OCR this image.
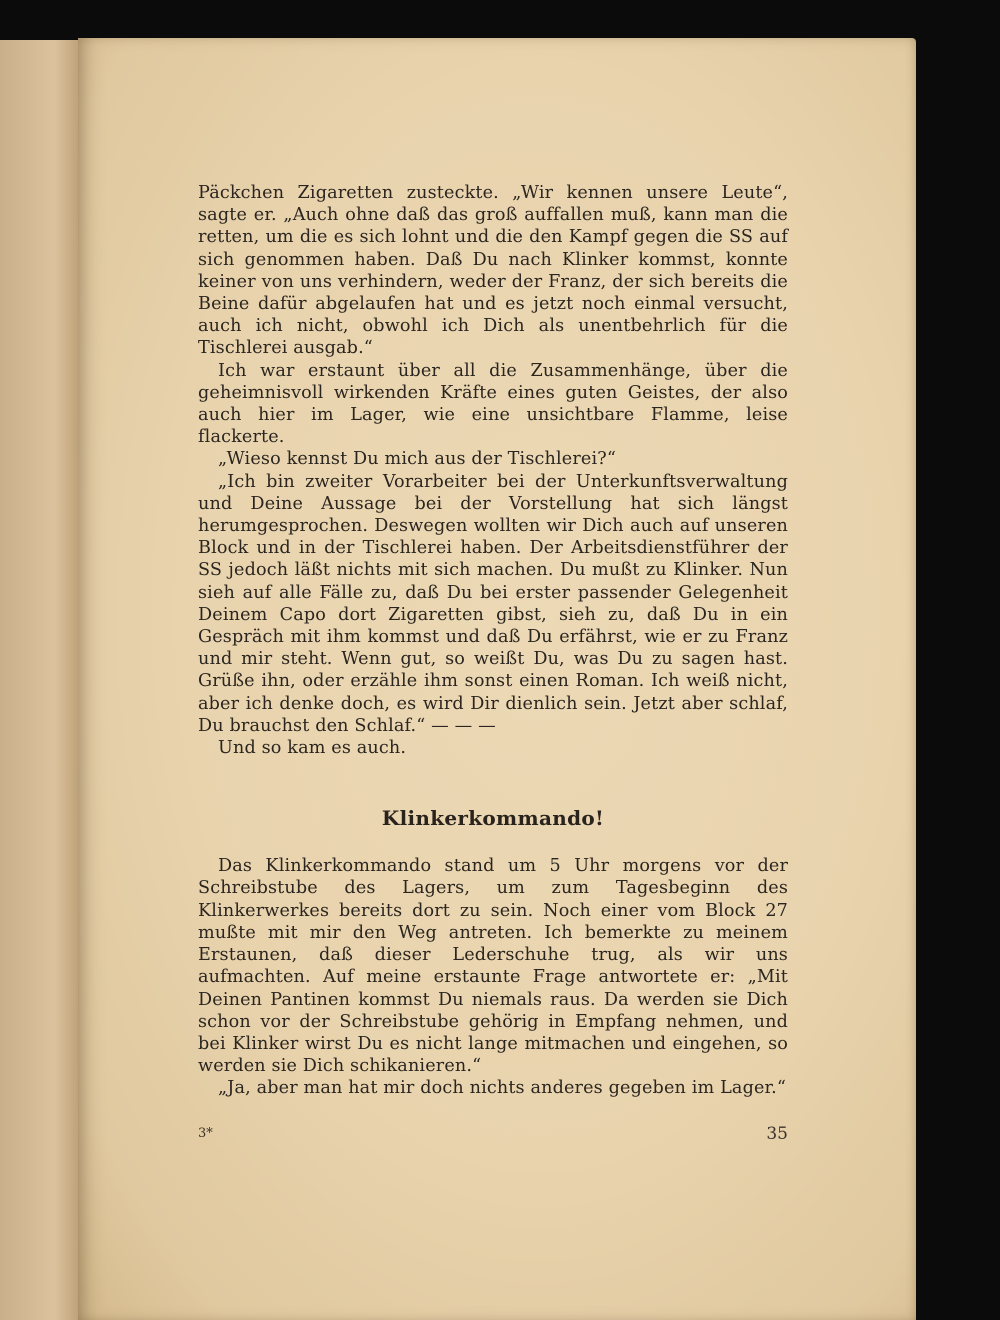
Päckchen Zigaretten zusteckte. „Wir kennen unsere Leute“, sagte er. „Auch ohne daß das groß auffallen muß, kann man die retten, um die es sich lohnt und die den Kampf gegen die SS auf sich genommen haben. Daß Du nach Klinker kommst, konnte keiner von uns verhindern, weder der Franz, der sich bereits die Beine dafür abgelaufen hat und es jetzt noch einmal versucht, auch ich nicht, obwohl ich Dich als unentbehrlich für die Tischlerei ausgab.“

Ich war erstaunt über all die Zusammenhänge, über die geheimnisvoll wirkenden Kräfte eines guten Geistes, der also auch hier im Lager, wie eine unsichtbare Flamme, leise flackerte.

„Wieso kennst Du mich aus der Tischlerei?“

„Ich bin zweiter Vorarbeiter bei der Unterkunftsverwaltung und Deine Aussage bei der Vorstellung hat sich längst herumgesprochen. Deswegen wollten wir Dich auch auf unseren Block und in der Tischlerei haben. Der Arbeitsdienstführer der SS jedoch läßt nichts mit sich machen. Du mußt zu Klinker. Nun sieh auf alle Fälle zu, daß Du bei erster passender Gelegenheit Deinem Capo dort Zigaretten gibst, sieh zu, daß Du in ein Gespräch mit ihm kommst und daß Du erfährst, wie er zu Franz und mir steht. Wenn gut, so weißt Du, was Du zu sagen hast. Grüße ihn, oder erzähle ihm sonst einen Roman. Ich weiß nicht, aber ich denke doch, es wird Dir dienlich sein. Jetzt aber schlaf, Du brauchst den Schlaf.“ — — —

Und so kam es auch.

Klinkerkommando!

Das Klinkerkommando stand um 5 Uhr morgens vor der Schreibstube des Lagers, um zum Tagesbeginn des Klinkerwerkes bereits dort zu sein. Noch einer vom Block 27 mußte mit mir den Weg antreten. Ich bemerkte zu meinem Erstaunen, daß dieser Lederschuhe trug, als wir uns aufmachten. Auf meine erstaunte Frage antwortete er: „Mit Deinen Pantinen kommst Du niemals raus. Da werden sie Dich schon vor der Schreibstube gehörig in Empfang nehmen, und bei Klinker wirst Du es nicht lange mitmachen und eingehen, so werden sie Dich schikanieren.“

„Ja, aber man hat mir doch nichts anderes gegeben im Lager.“

3*	35
